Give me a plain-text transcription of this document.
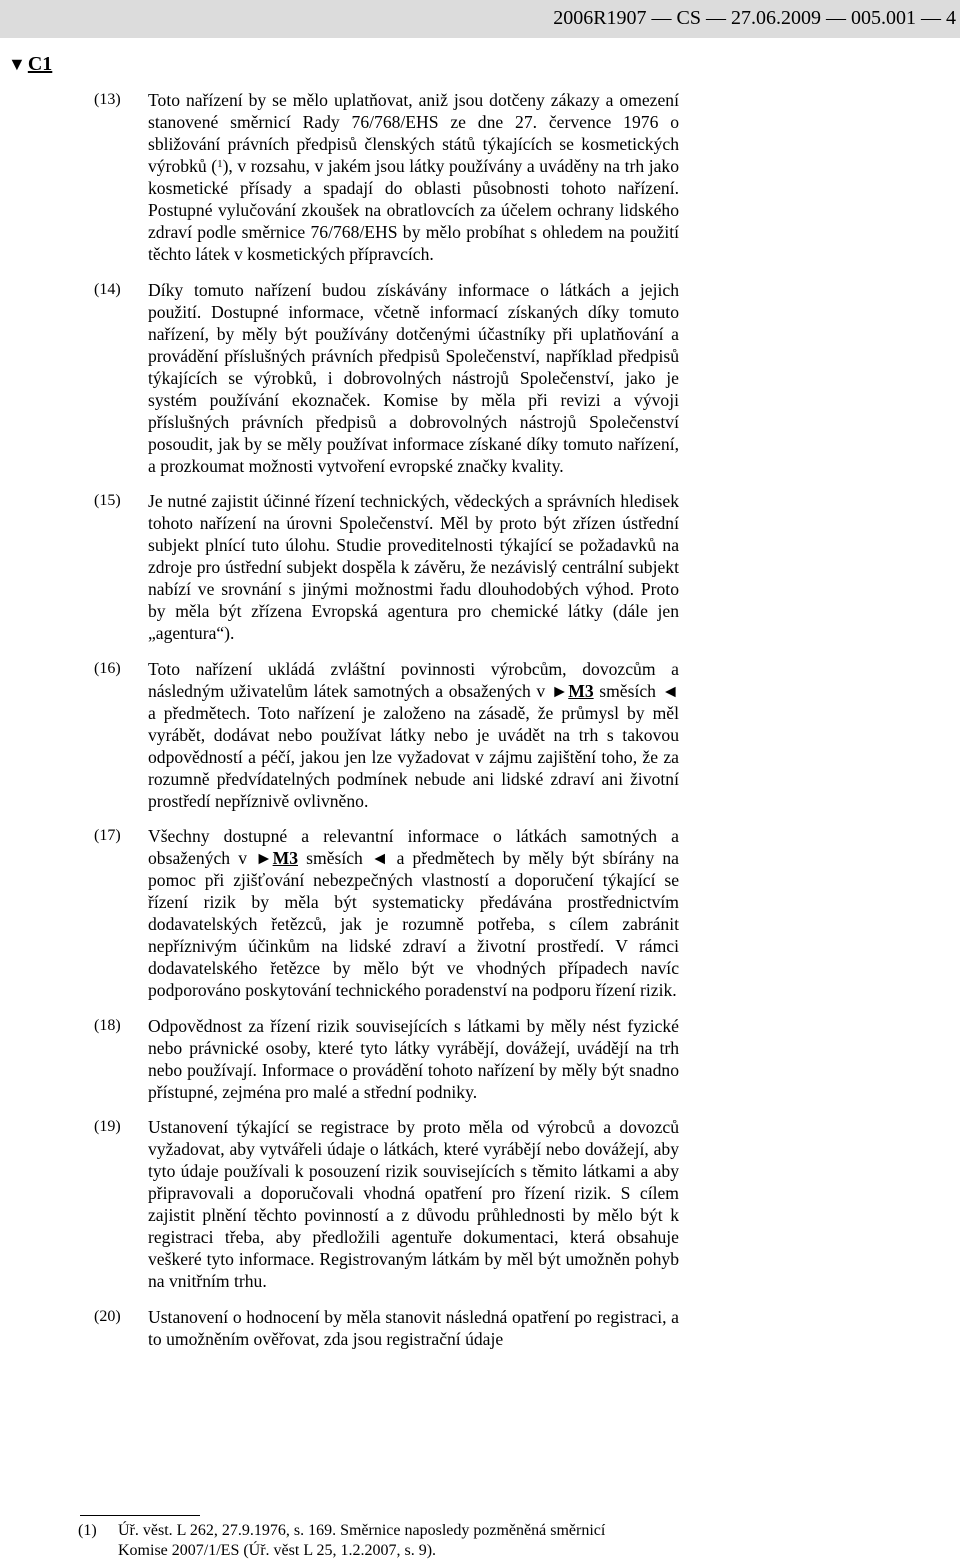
2006R1907 — CS — 27.06.2009 — 005.001 — 4
▼ C1
(13) Toto nařízení by se mělo uplatňovat, aniž jsou dotčeny zákazy a omezení stanovené směrnicí Rady 76/768/EHS ze dne 27. července 1976 o sbližování právních předpisů členských států týkajících se kosmetických výrobků ($^1$), v rozsahu, v jakém jsou látky používány a uváděny na trh jako kosmetické přísady a spadají do oblasti působnosti tohoto nařízení. Postupné vylučování zkoušek na obratlovcích za účelem ochrany lidského zdraví podle směrnice 76/768/EHS by mělo probíhat s ohledem na použití těchto látek v kosmetických přípravcích.
(14) Díky tomuto nařízení budou získávány informace o látkách a jejich použití. Dostupné informace, včetně informací získaných díky tomuto nařízení, by měly být používány dotčenými účastníky při uplatňování a provádění příslušných právních předpisů Společenství, například předpisů týkajících se výrobků, i dobrovolných nástrojů Společenství, jako je systém používání ekoznaček. Komise by měla při revizi a vývoji příslušných právních předpisů a dobrovolných nástrojů Společenství posoudit, jak by se měly používat informace získané díky tomuto nařízení, a prozkoumat možnosti vytvoření evropské značky kvality.
(15) Je nutné zajistit účinné řízení technických, vědeckých a správních hledisek tohoto nařízení na úrovni Společenství. Měl by proto být zřízen ústřední subjekt plnící tuto úlohu. Studie proveditelnosti týkající se požadavků na zdroje pro ústřední subjekt dospěla k závěru, že nezávislý centrální subjekt nabízí ve srovnání s jinými možnostmi řadu dlouhodobých výhod. Proto by měla být zřízena Evropská agentura pro chemické látky (dále jen „agentura“).
(16) Toto nařízení ukládá zvláštní povinnosti výrobcům, dovozcům a následným uživatelům látek samotných a obsažených v ►M3 směsích ◄ a předmětech. Toto nařízení je založeno na zásadě, že průmysl by měl vyrábět, dodávat nebo používat látky nebo je uvádět na trh s takovou odpovědností a péčí, jakou jen lze vyžadovat v zájmu zajištění toho, že za rozumně předvídatelných podmínek nebude ani lidské zdraví ani životní prostředí nepříznivě ovlivněno.
(17) Všechny dostupné a relevantní informace o látkách samotných a obsažených v ►M3 směsích ◄ a předmětech by měly být sbírány na pomoc při zjišťování nebezpečných vlastností a doporučení týkající se řízení rizik by měla být systematicky předávána prostřednictvím dodavatelských řetězců, jak je rozumně potřeba, s cílem zabránit nepříznivým účinkům na lidské zdraví a životní prostředí. V rámci dodavatelského řetězce by mělo být ve vhodných případech navíc podporováno poskytování technického poradenství na podporu řízení rizik.
(18) Odpovědnost za řízení rizik souvisejících s látkami by měly nést fyzické nebo právnické osoby, které tyto látky vyrábějí, dovážejí, uvádějí na trh nebo používají. Informace o provádění tohoto nařízení by měly být snadno přístupné, zejména pro malé a střední podniky.
(19) Ustanovení týkající se registrace by proto měla od výrobců a dovozců vyžadovat, aby vytvářeli údaje o látkách, které vyrábějí nebo dovážejí, aby tyto údaje používali k posouzení rizik souvisejících s těmito látkami a aby připravovali a doporučovali vhodná opatření pro řízení rizik. S cílem zajistit plnění těchto povinností a z důvodu průhlednosti by mělo být k registraci třeba, aby předložili agentuře dokumentaci, která obsahuje veškeré tyto informace. Registrovaným látkám by měl být umožněn pohyb na vnitřním trhu.
(20) Ustanovení o hodnocení by měla stanovit následná opatření po registraci, a to umožněním ověřovat, zda jsou registrační údaje
(1) Úř. věst. L 262, 27.9.1976, s. 169. Směrnice naposledy pozměněná směrnicí
Komise 2007/1/ES (Úř. věst L 25, 1.2.2007, s. 9).
